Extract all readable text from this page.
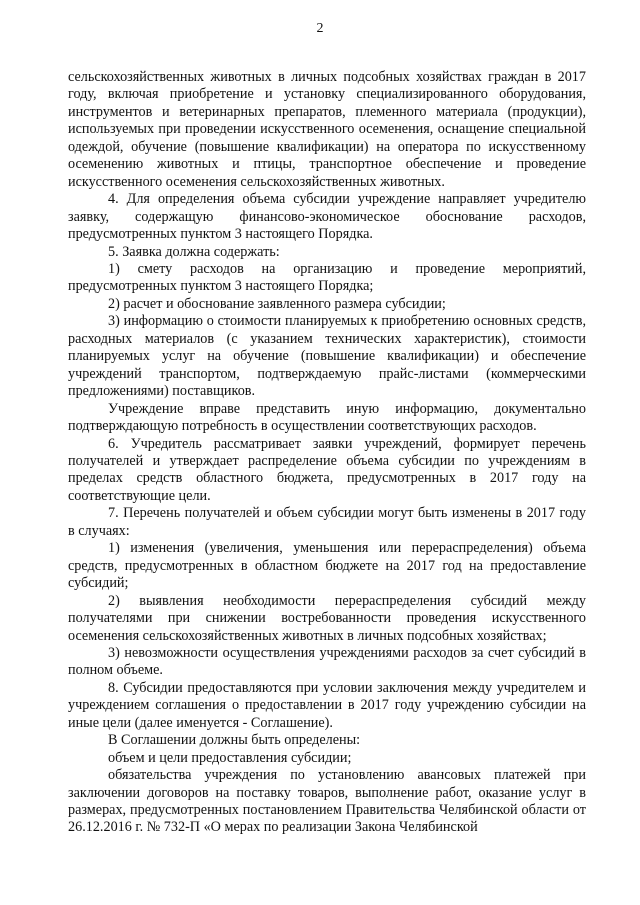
2

сельскохозяйственных животных в личных подсобных хозяйствах граждан в 2017 году, включая приобретение и установку специализированного оборудования, инструментов и ветеринарных препаратов, племенного материала (продукции), используемых при проведении искусственного осеменения, оснащение специальной одеждой, обучение (повышение квалификации) на оператора по искусственному осеменению животных и птицы, транспортное обеспечение и проведение искусственного осеменения сельскохозяйственных животных.

4. Для определения объема субсидии учреждение направляет учредителю заявку, содержащую финансово-экономическое обоснование расходов, предусмотренных пунктом 3 настоящего Порядка.

5. Заявка должна содержать:

1) смету расходов на организацию и проведение мероприятий, предусмотренных пунктом 3 настоящего Порядка;

2) расчет и обоснование заявленного размера субсидии;

3) информацию о стоимости планируемых к приобретению основных средств, расходных материалов (с указанием технических характеристик), стоимости планируемых услуг на обучение (повышение квалификации) и обеспечение учреждений транспортом, подтверждаемую прайс-листами (коммерческими предложениями) поставщиков.

Учреждение вправе представить иную информацию, документально подтверждающую потребность в осуществлении соответствующих расходов.

6. Учредитель рассматривает заявки учреждений, формирует перечень получателей и утверждает распределение объема субсидии по учреждениям в пределах средств областного бюджета, предусмотренных в 2017 году на соответствующие цели.

7. Перечень получателей и объем субсидии могут быть изменены в 2017 году в случаях:

1) изменения (увеличения, уменьшения или перераспределения) объема средств, предусмотренных в областном бюджете на 2017 год на предоставление субсидий;

2) выявления необходимости перераспределения субсидий между получателями при снижении востребованности проведения искусственного осеменения сельскохозяйственных животных в личных подсобных хозяйствах;

3) невозможности осуществления учреждениями расходов за счет субсидий в полном объеме.

8. Субсидии предоставляются при условии заключения между учредителем и учреждением соглашения о предоставлении в 2017 году учреждению субсидии на иные цели (далее именуется - Соглашение).

В Соглашении должны быть определены:

объем и цели предоставления субсидии;

обязательства учреждения по установлению авансовых платежей при заключении договоров на поставку товаров, выполнение работ, оказание услуг в размерах, предусмотренных постановлением Правительства Челябинской области от 26.12.2016 г. № 732-П «О мерах по реализации Закона Челябинской
